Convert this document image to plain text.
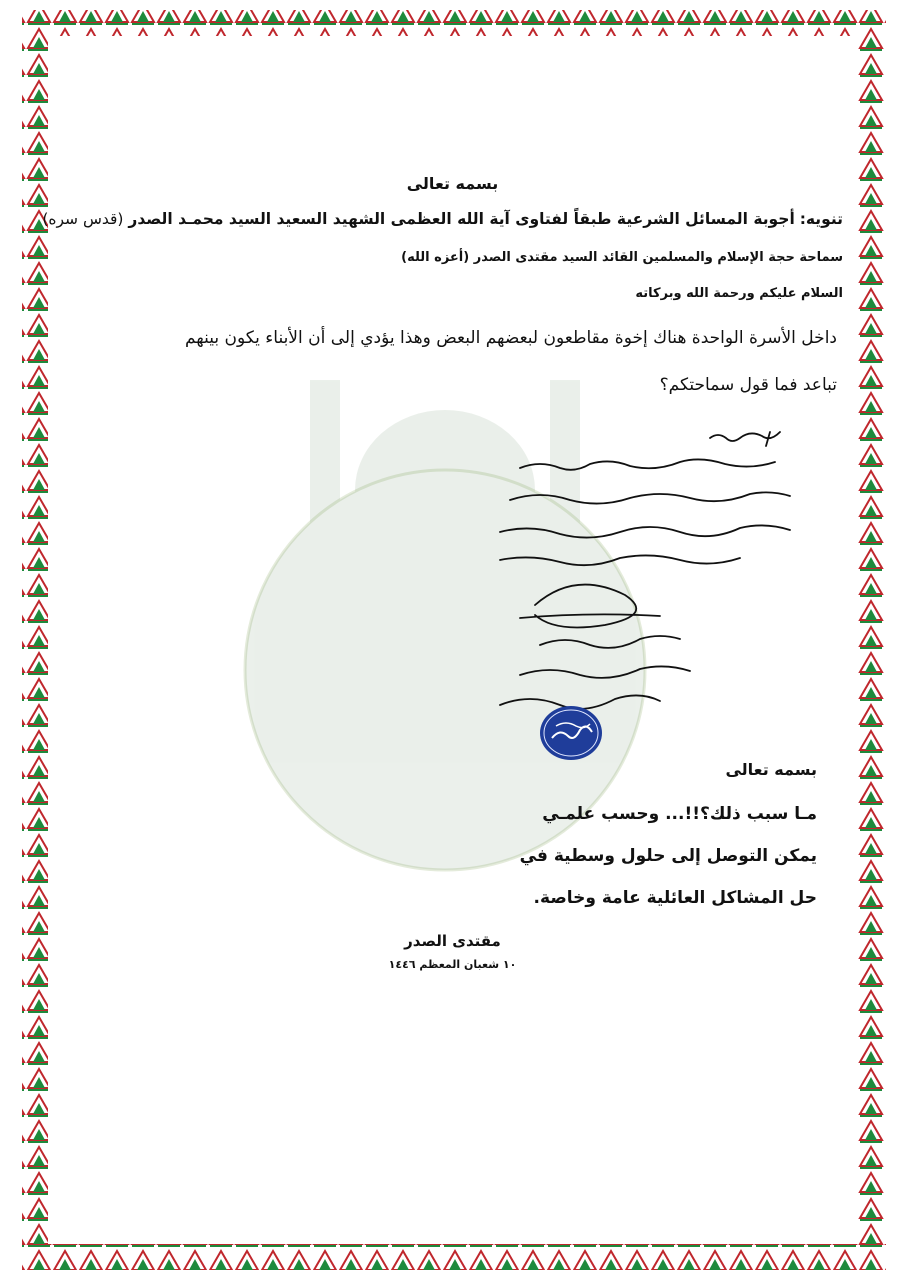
بسمه تعالى
تنويه: أجوبة المسائل الشرعية طبقاً لفتاوى آية الله العظمى الشهيد السعيد السيد محمـد الصدر (قدس سره)
سماحة حجة الإسلام والمسلمين القائد السيد مقتدى الصدر (أعزه الله)
السلام عليكم ورحمة الله وبركاته
داخل الأسرة الواحدة هناك إخوة مقاطعون لبعضهم البعض وهذا يؤدي إلى أن الأبناء يكون بينهم
تباعد فما قول سماحتكم؟
بسمه تعالى
مـا سبب ذلك؟!!... وحسب علمـي
يمكن التوصل إلى حلول وسطية في
حل المشاكل العائلية عامة وخاصة.
مقتدى الصدر
١٠ شعبان المعظم ١٤٤٦
